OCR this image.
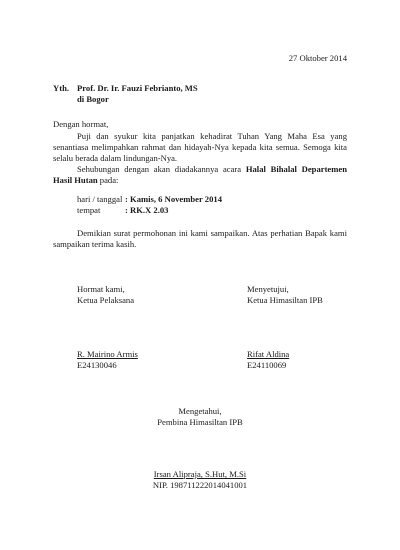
27 Oktober 2014
Yth. Prof. Dr. Ir. Fauzi Febrianto, MS
di Bogor
Dengan hormat,
Puji dan syukur kita panjatkan kehadirat Tuhan Yang Maha Esa yang senantiasa melimpahkan rahmat dan hidayah-Nya kepada kita semua. Semoga kita selalu berada dalam lindungan-Nya.
Sehubungan dengan akan diadakannya acara Halal Bihalal Departemen Hasil Hutan pada:
hari / tanggal : Kamis, 6 November 2014
tempat	: RK.X 2.03
Demikian surat permohonan ini kami sampaikan. Atas perhatian Bapak kami sampaikan terima kasih.
Hormat kami,
Ketua Pelaksana
R. Mairino Armis
E24130046
Menyetujui,
Ketua Himasiltan IPB
Rifat Aldina
E24110069
Mengetahui,
Pembina Himasiltan IPB
Irsan Alipraja, S.Hut, M.Si
NIP. 198711222014041001
